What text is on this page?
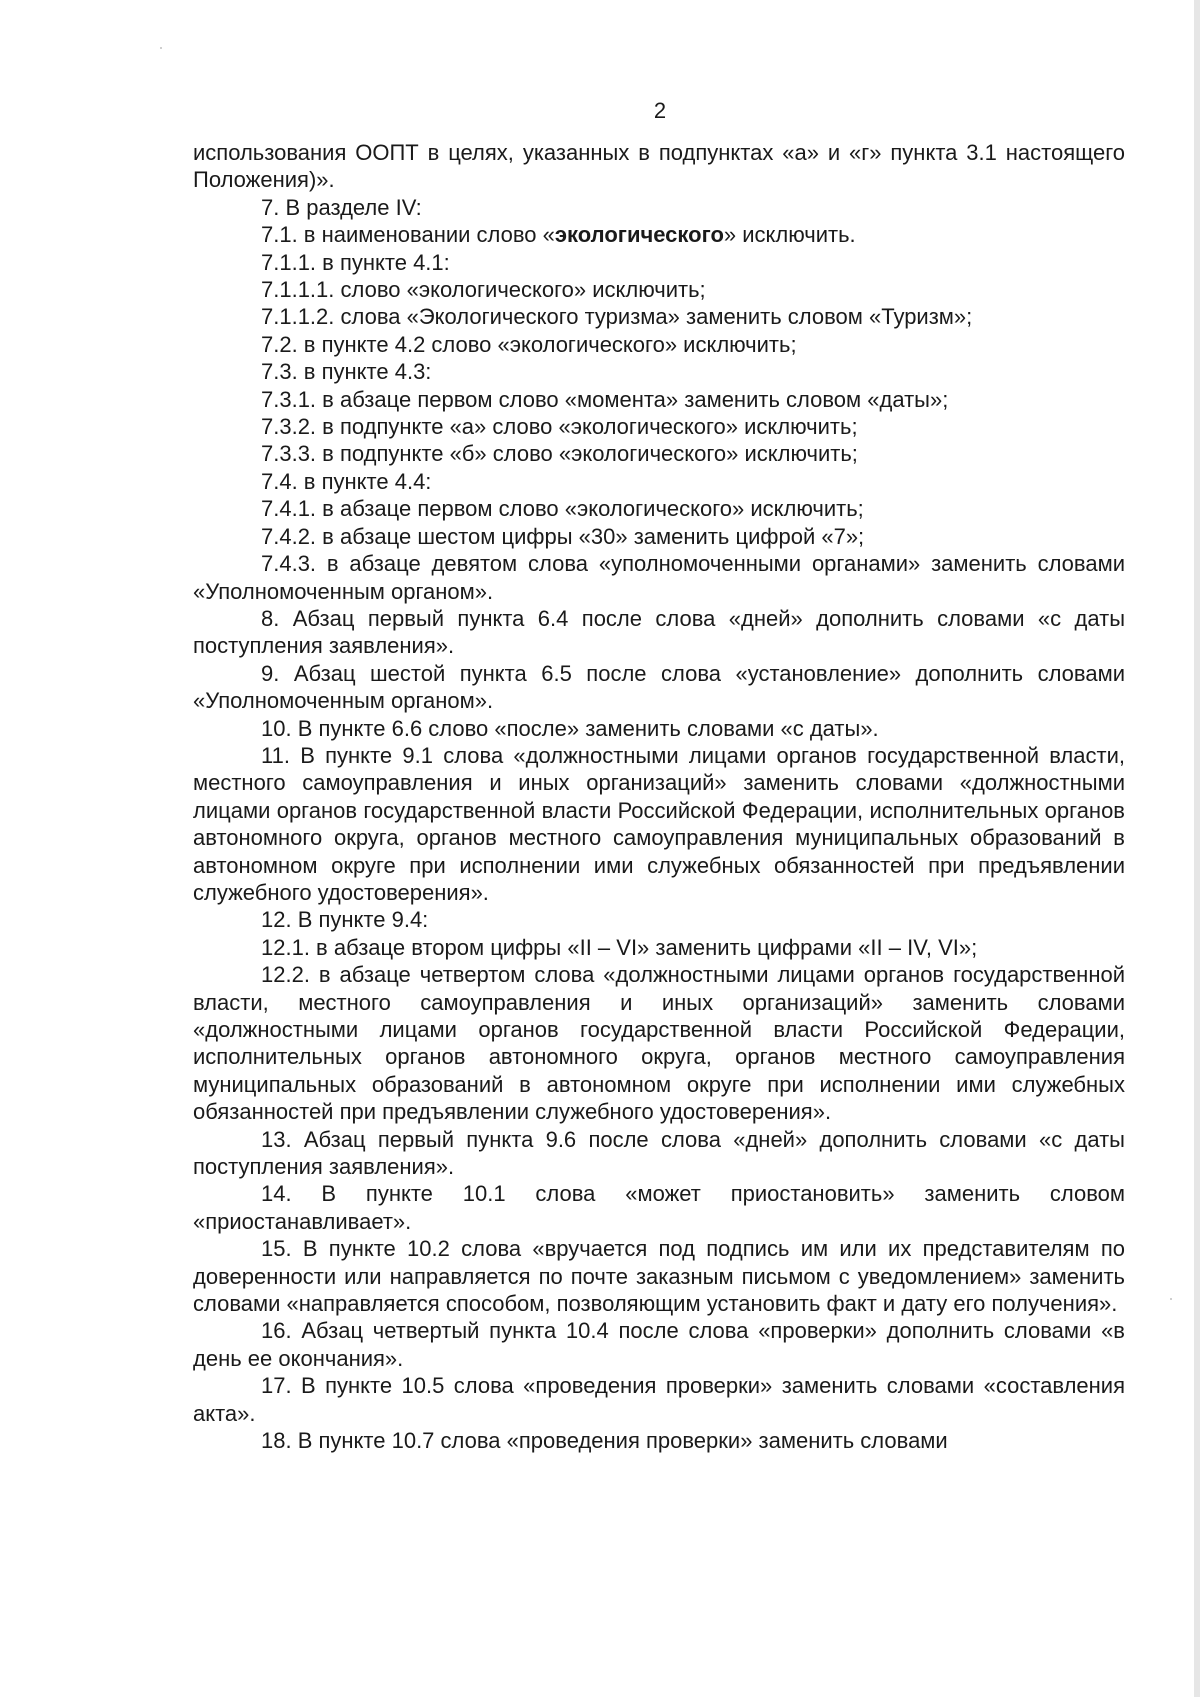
2

использования ООПТ в целях, указанных в подпунктах «а» и «г» пункта 3.1 настоящего Положения)».

7. В разделе IV:

7.1. в наименовании слово «экологического» исключить.

7.1.1. в пункте 4.1:

7.1.1.1. слово «экологического» исключить;

7.1.1.2. слова «Экологического туризма» заменить словом «Туризм»;

7.2. в пункте 4.2 слово «экологического» исключить;

7.3. в пункте 4.3:

7.3.1. в абзаце первом слово «момента» заменить словом «даты»;

7.3.2. в подпункте «а» слово «экологического» исключить;

7.3.3. в подпункте «б» слово «экологического» исключить;

7.4. в пункте 4.4:

7.4.1. в абзаце первом слово «экологического» исключить;

7.4.2. в абзаце шестом цифры «30» заменить цифрой «7»;

7.4.3. в абзаце девятом слова «уполномоченными органами» заменить словами «Уполномоченным органом».

8. Абзац первый пункта 6.4 после слова «дней» дополнить словами «с даты поступления заявления».

9. Абзац шестой пункта 6.5 после слова «установление» дополнить словами «Уполномоченным органом».

10. В пункте 6.6 слово «после» заменить словами «с даты».

11. В пункте 9.1 слова «должностными лицами органов государственной власти, местного самоуправления и иных организаций» заменить словами «должностными лицами органов государственной власти Российской Федерации, исполнительных органов автономного округа, органов местного самоуправления муниципальных образований в автономном округе при исполнении ими служебных обязанностей при предъявлении служебного удостоверения».

12. В пункте 9.4:

12.1. в абзаце втором цифры «II – VI» заменить цифрами «II – IV, VI»;

12.2. в абзаце четвертом слова «должностными лицами органов государственной власти, местного самоуправления и иных организаций» заменить словами «должностными лицами органов государственной власти Российской Федерации, исполнительных органов автономного округа, органов местного самоуправления муниципальных образований в автономном округе при исполнении ими служебных обязанностей при предъявлении служебного удостоверения».

13. Абзац первый пункта 9.6 после слова «дней» дополнить словами «с даты поступления заявления».

14. В пункте 10.1 слова «может приостановить» заменить словом «приостанавливает».

15. В пункте 10.2 слова «вручается под подпись им или их представителям по доверенности или направляется по почте заказным письмом с уведомлением» заменить словами «направляется способом, позволяющим установить факт и дату его получения».

16. Абзац четвертый пункта 10.4 после слова «проверки» дополнить словами «в день ее окончания».

17. В пункте 10.5 слова «проведения проверки» заменить словами «составления акта».

18. В пункте 10.7 слова «проведения проверки» заменить словами
